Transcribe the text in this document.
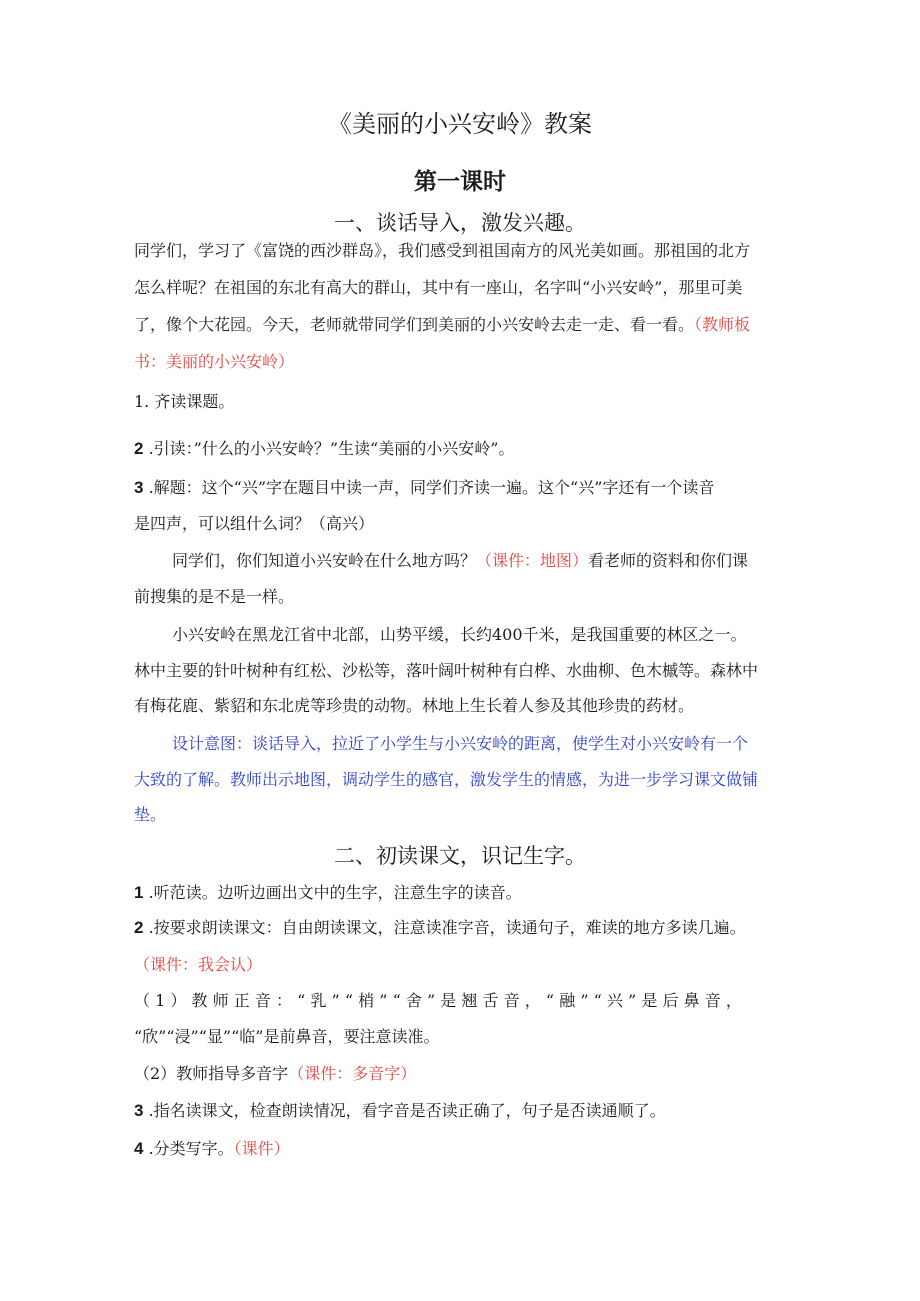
《美丽的小兴安岭》教案
第一课时
一、谈话导入，激发兴趣。
同学们，学习了《富饶的西沙群岛》，我们感受到祖国南方的风光美如画。那祖国的北方
怎么样呢？在祖国的东北有高大的群山，其中有一座山，名字叫“小兴安岭”，那里可美
了，像个大花园。今天，老师就带同学们到美丽的小兴安岭去走一走、看一看。（教师板
书：美丽的小兴安岭）
1. 齐读课题。
2 .引读：”什么的小兴安岭？”生读“美丽的小兴安岭”。
3 .解题：这个“兴”字在题目中读一声，同学们齐读一遍。这个“兴”字还有一个读音
是四声，可以组什么词？（高兴）
同学们，你们知道小兴安岭在什么地方吗？（课件：地图）看老师的资料和你们课
前搜集的是不是一样。
小兴安岭在黑龙江省中北部，山势平缓，长约400千米，是我国重要的林区之一。
林中主要的针叶树种有红松、沙松等，落叶阔叶树种有白桦、水曲柳、色木槭等。森林中
有梅花鹿、紫貂和东北虎等珍贵的动物。林地上生长着人参及其他珍贵的药材。
设计意图：谈话导入，拉近了小学生与小兴安岭的距离，使学生对小兴安岭有一个
大致的了解。教师出示地图，调动学生的感官，激发学生的情感，为进一步学习课文做铺
垫。
二、初读课文，识记生字。
1 .听范读。边听边画出文中的生字，注意生字的读音。
2 .按要求朗读课文：自由朗读课文，注意读准字音，读通句子，难读的地方多读几遍。
（课件：我会认）
（1）教师正音：“乳”“梢”“舍”是翘舌音，“融”“兴”是后鼻音，
“欣”“浸”“显”“临”是前鼻音，要注意读准。
（2）教师指导多音字（课件：多音字）
3 .指名读课文，检查朗读情况，看字音是否读正确了，句子是否读通顺了。
4 .分类写字。（课件）
